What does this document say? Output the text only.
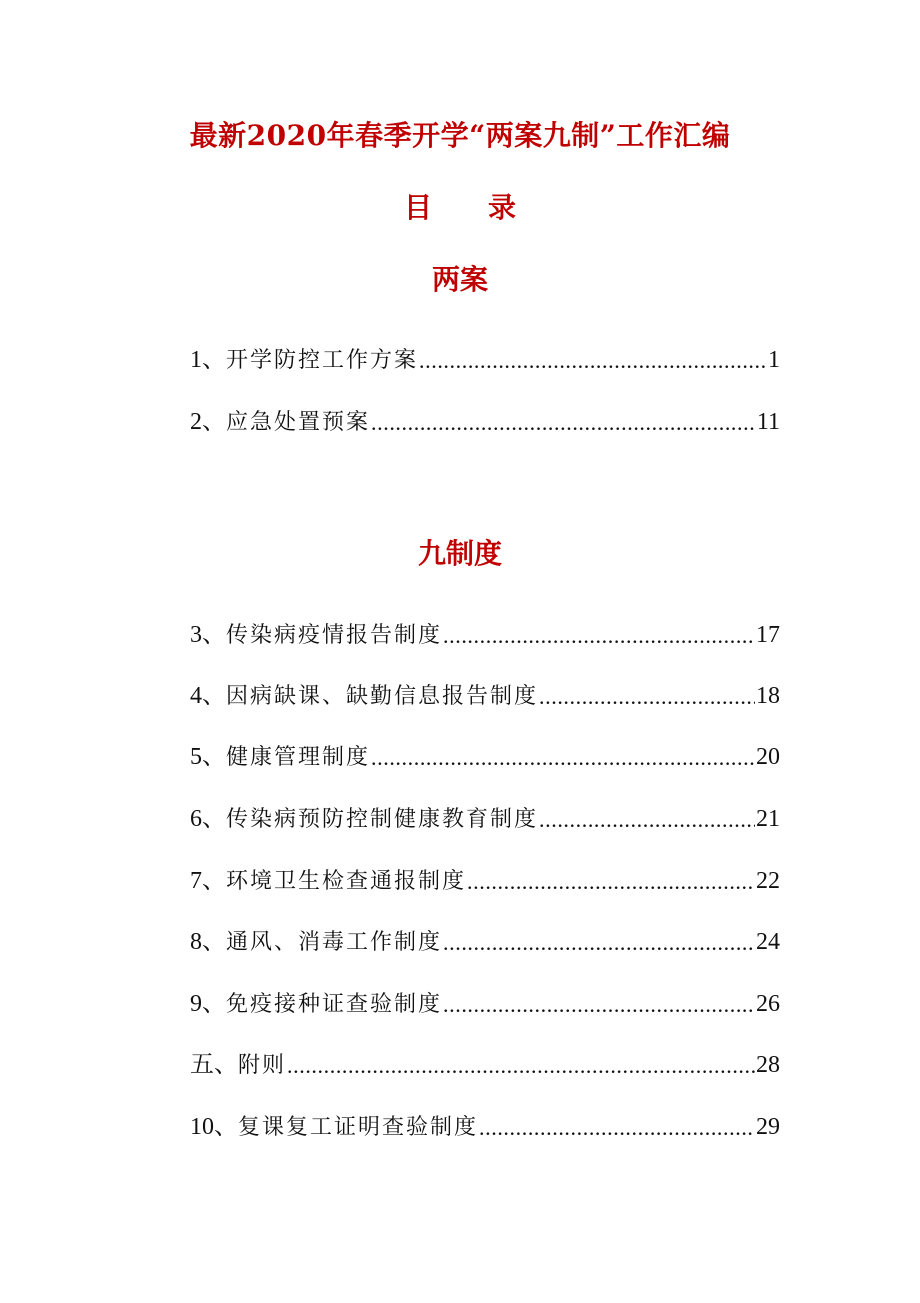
最新2020年春季开学“两案九制”工作汇编
目 录
两案
1、 开学防控工作方案 .....	1
2、 应急处置预案 .....	11
九制度
3、 传染病疫情报告制度 .....	17
4、 因病缺课、缺勤信息报告制度 .....	18
5、 健康管理制度 .....	20
6、 传染病预防控制健康教育制度 .....	21
7、 环境卫生检查通报制度 .....	22
8、 通风、消毒工作制度 .....	24
9、 免疫接种证查验制度 .....	26
五、 附则 .....	28
10、 复课复工证明查验制度 .....	29
